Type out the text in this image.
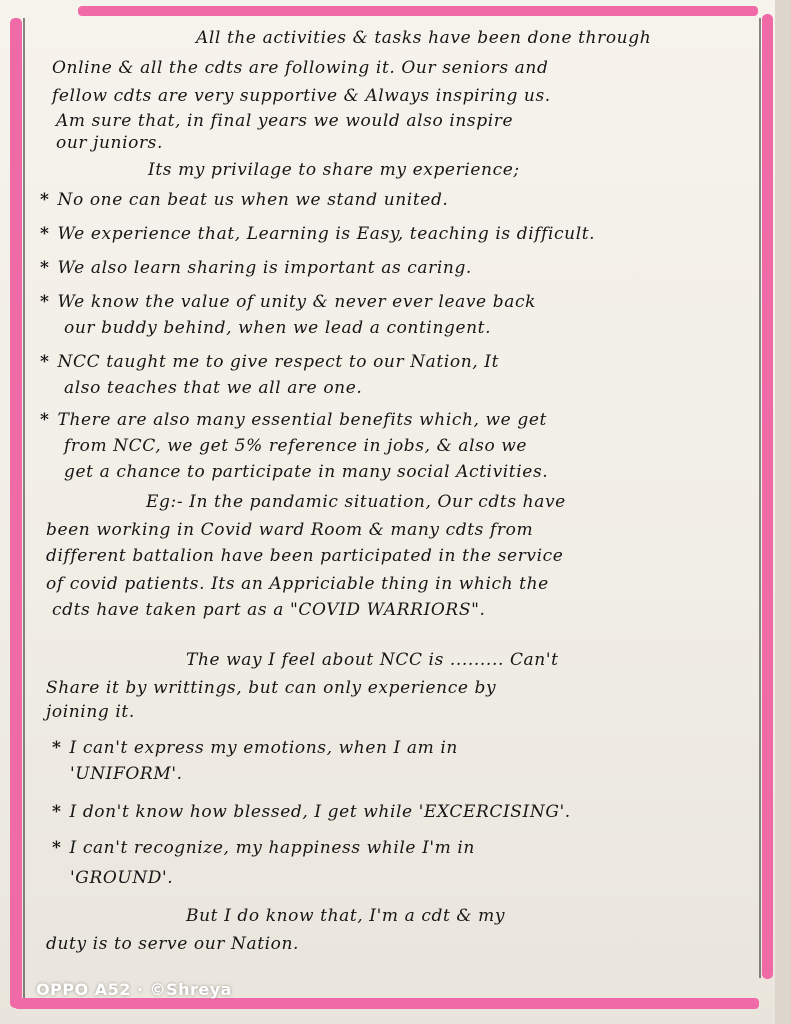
All the activities & tasks have been done through
Online & all the cdts are following it. Our seniors and
fellow cdts are very supportive & Always inspiring us.
Am sure that, in final years we would also inspire
our juniors.
Its my privilage to share my experience;
* No one can beat us when we stand united.
* We experience that, Learning is Easy, teaching is difficult.
* We also learn sharing is important as caring.
* We know the value of unity & never ever leave back
our buddy behind, when we lead a contingent.
* NCC taught me to give respect to our Nation, It
also teaches that we all are one.
* There are also many essential benefits which, we get
from NCC, we get 5% reference in jobs, & also we
get a chance to participate in many social Activities.
Eg:- In the pandamic situation, Our cdts have
been working in Covid ward Room & many cdts from
different battalion have been participated in the service
of covid patients. Its an Appriciable thing in which the
cdts have taken part as a "COVID WARRIORS".
The way I feel about NCC is ......... Can't
Share it by writtings, but can only experience by
joining it.
* I can't express my emotions, when I am in
'UNIFORM'.
* I don't know how blessed, I get while 'EXCERCISING'.
* I can't recognize, my happiness while I'm in
'GROUND'.
But I do know that, I'm a cdt & my
duty is to serve our Nation.
OPPO A52 · ©Shreya
